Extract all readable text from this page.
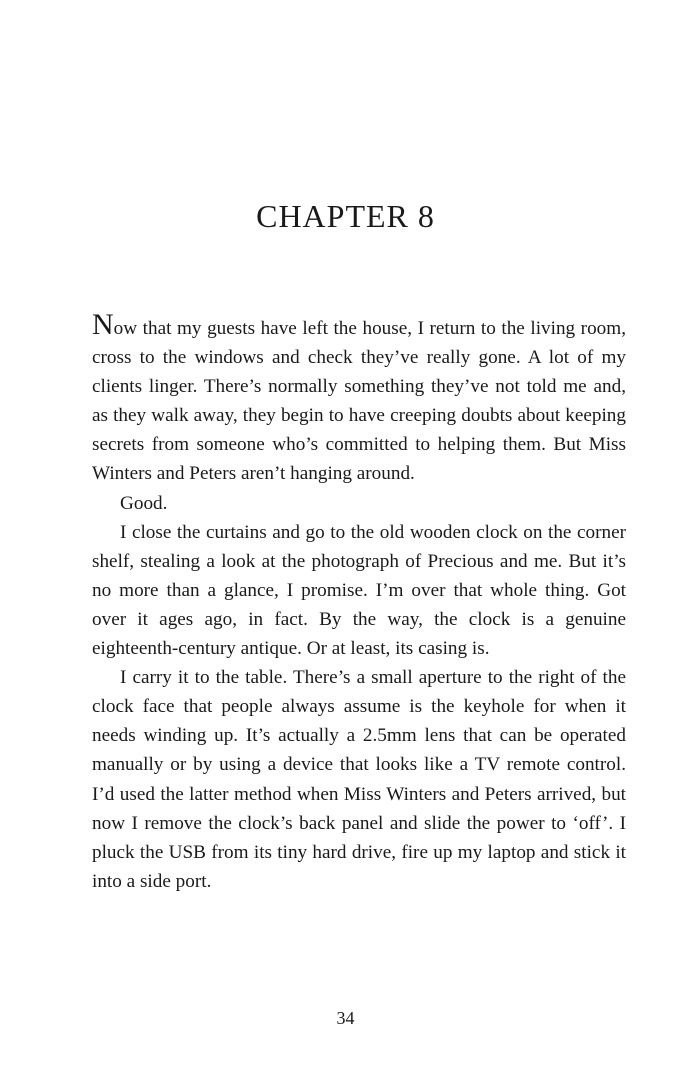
CHAPTER 8

Now that my guests have left the house, I return to the living room, cross to the windows and check they’ve really gone. A lot of my clients linger. There’s normally something they’ve not told me and, as they walk away, they begin to have creeping doubts about keeping secrets from someone who’s committed to helping them. But Miss Winters and Peters aren’t hanging around.

Good.

I close the curtains and go to the old wooden clock on the corner shelf, stealing a look at the photograph of Precious and me. But it’s no more than a glance, I promise. I’m over that whole thing. Got over it ages ago, in fact. By the way, the clock is a genuine eighteenth-century antique. Or at least, its casing is.

I carry it to the table. There’s a small aperture to the right of the clock face that people always assume is the keyhole for when it needs winding up. It’s actually a 2.5mm lens that can be operated manually or by using a device that looks like a TV remote control. I’d used the latter method when Miss Winters and Peters arrived, but now I remove the clock’s back panel and slide the power to ‘off’. I pluck the USB from its tiny hard drive, fire up my laptop and stick it into a side port.

34
